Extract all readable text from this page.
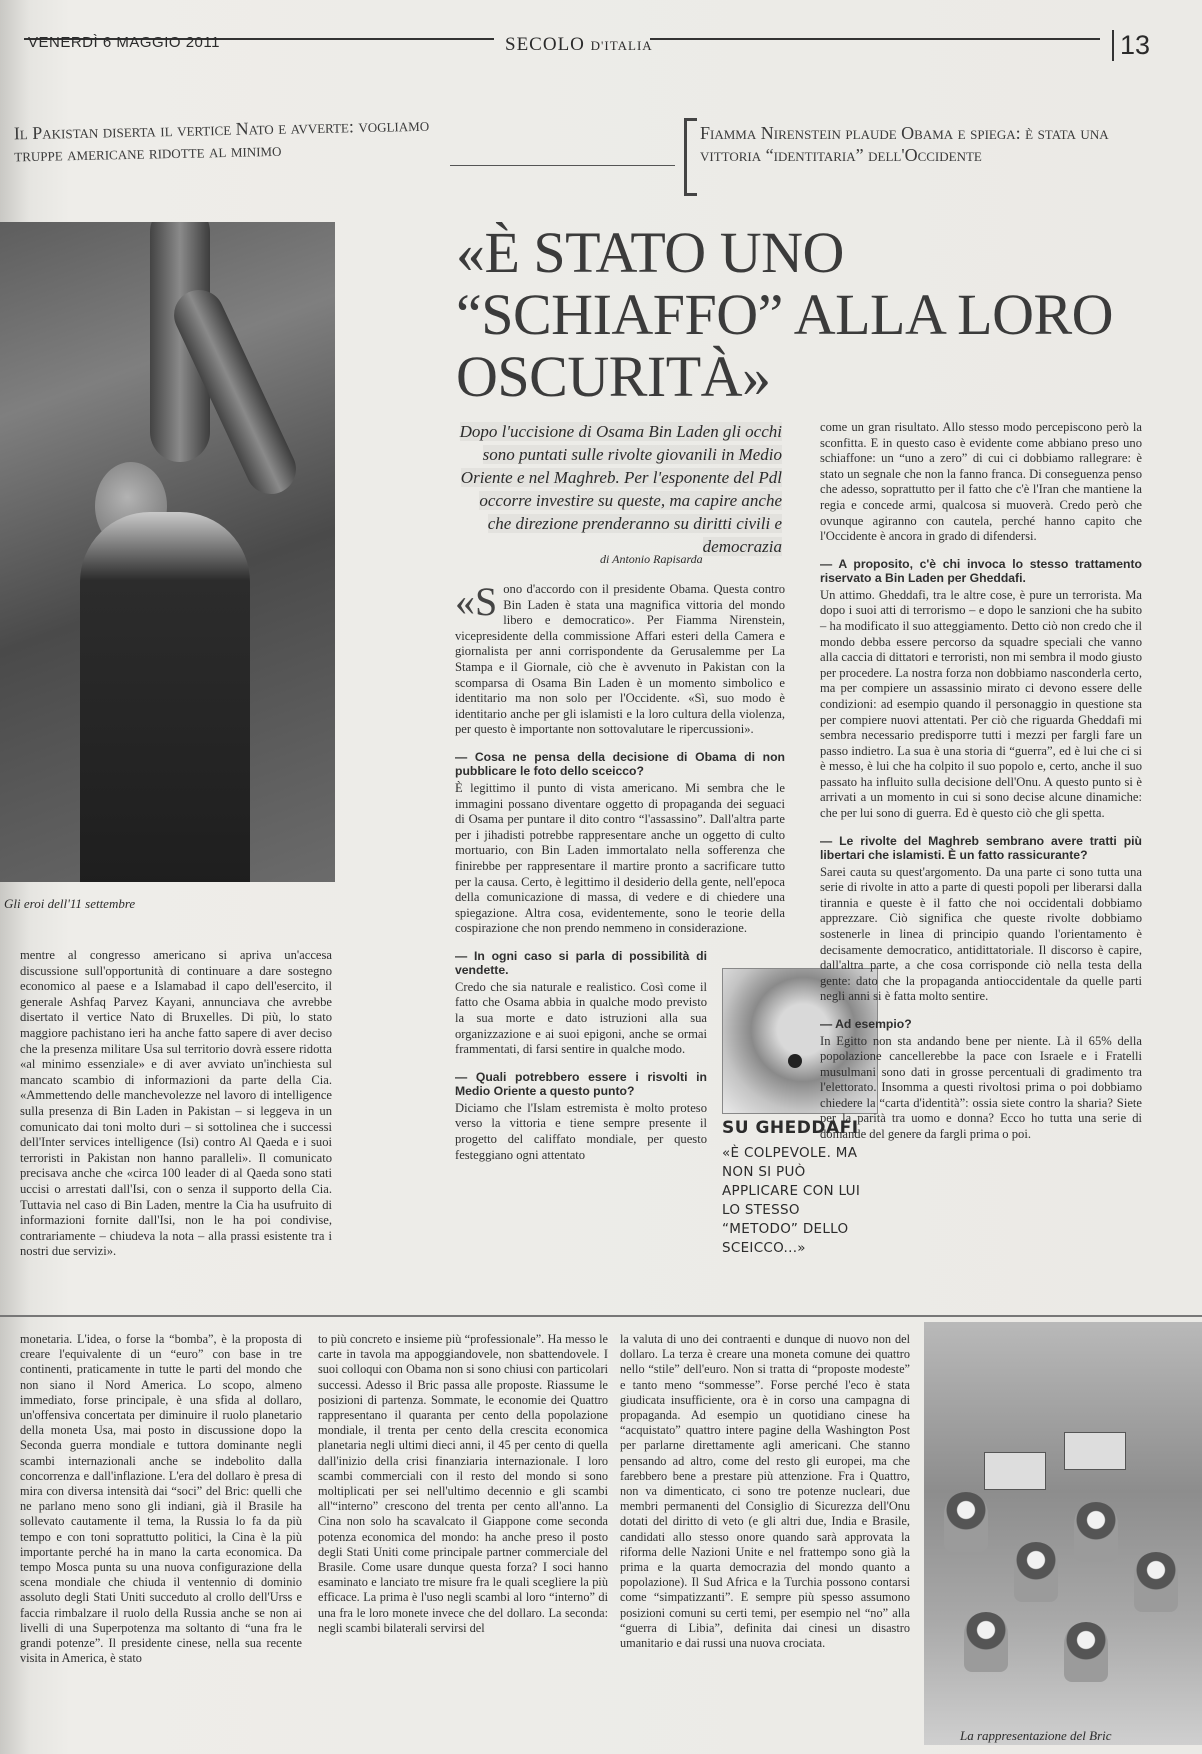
VENERDÌ 6 MAGGIO 2011	SECOLO D'ITALIA	13
Il Pakistan diserta il vertice Nato e avverte: vogliamo truppe americane ridotte al minimo
Fiamma Nirenstein plaude Obama e spiega: è stata una vittoria “identitaria” dell'Occidente
«È STATO UNO “SCHIAFFO” ALLA LORO OSCURITÀ»
Gli eroi dell'11 settembre

mentre al congresso americano si apriva un'accesa discussione sull'opportunità di continuare a dare sostegno economico al paese e a Islamabad il capo dell'esercito, il generale Ashfaq Parvez Kayani, annunciava che avrebbe disertato il vertice Nato di Bruxelles. Di più, lo stato maggiore pachistano ieri ha anche fatto sapere di aver deciso che la presenza militare Usa sul territorio dovrà essere ridotta «al minimo essenziale» e di aver avviato un'inchiesta sul mancato scambio di informazioni da parte della Cia. «Ammettendo delle manchevolezze nel lavoro di intelligence sulla presenza di Bin Laden in Pakistan – si leggeva in un comunicato dai toni molto duri – si sottolinea che i successi dell'Inter services intelligence (Isi) contro Al Qaeda e i suoi terroristi in Pakistan non hanno paralleli». Il comunicato precisava anche che «circa 100 leader di al Qaeda sono stati uccisi o arrestati dall'Isi, con o senza il supporto della Cia. Tuttavia nel caso di Bin Laden, mentre la Cia ha usufruito di informazioni fornite dall'Isi, non le ha poi condivise, contrariamente – chiudeva la nota – alla prassi esistente tra i nostri due servizi».

Dopo l'uccisione di Osama Bin Laden gli occhi sono puntati sulle rivolte giovanili in Medio Oriente e nel Maghreb. Per l'esponente del Pdl occorre investire su queste, ma capire anche che direzione prenderanno su diritti civili e democrazia
di Antonio Rapisarda

«Sono d'accordo con il presidente Obama. Questa contro Bin Laden è stata una magnifica vittoria del mondo libero e democratico». Per Fiamma Nirenstein, vicepresidente della commissione Affari esteri della Camera e giornalista per anni corrispondente da Gerusalemme per La Stampa e il Giornale, ciò che è avvenuto in Pakistan con la scomparsa di Osama Bin Laden è un momento simbolico e identitario ma non solo per l'Occidente. «Sì, suo modo è identitario anche per gli islamisti e la loro cultura della violenza, per questo è importante non sottovalutare le ripercussioni».

— Cosa ne pensa della decisione di Obama di non pubblicare le foto dello sceicco?

È legittimo il punto di vista americano. Mi sembra che le immagini possano diventare oggetto di propaganda dei seguaci di Osama per puntare il dito contro “l'assassino”. Dall'altra parte per i jihadisti potrebbe rappresentare anche un oggetto di culto mortuario, con Bin Laden immortalato nella sofferenza che finirebbe per rappresentare il martire pronto a sacrificare tutto per la causa. Certo, è legittimo il desiderio della gente, nell'epoca della comunicazione di massa, di vedere e di chiedere una spiegazione. Altra cosa, evidentemente, sono le teorie della cospirazione che non prendo nemmeno in considerazione.

— In ogni caso si parla di possibilità di vendette.

Credo che sia naturale e realistico. Così come il fatto che Osama abbia in qualche modo previsto la sua morte e dato istruzioni alla sua organizzazione e ai suoi epigoni, anche se ormai frammentati, di farsi sentire in qualche modo.

— Quali potrebbero essere i risvolti in Medio Oriente a questo punto?

Diciamo che l'Islam estremista è molto proteso verso la vittoria e tiene sempre presente il progetto del califfato mondiale, per questo festeggiano ogni attentato

SU GHEDDAFI
«È COLPEVOLE. MA NON SI PUÒ APPLICARE CON LUI LO STESSO “METODO” DELLO SCEICCO...»

come un gran risultato. Allo stesso modo percepiscono però la sconfitta. E in questo caso è evidente come abbiano preso uno schiaffone: un “uno a zero” di cui ci dobbiamo rallegrare: è stato un segnale che non la fanno franca. Di conseguenza penso che adesso, soprattutto per il fatto che c'è l'Iran che mantiene la regia e concede armi, qualcosa si muoverà. Credo però che ovunque agiranno con cautela, perché hanno capito che l'Occidente è ancora in grado di difendersi.

— A proposito, c'è chi invoca lo stesso trattamento riservato a Bin Laden per Gheddafi.

Un attimo. Gheddafi, tra le altre cose, è pure un terrorista. Ma dopo i suoi atti di terrorismo – e dopo le sanzioni che ha subito – ha modificato il suo atteggiamento. Detto ciò non credo che il mondo debba essere percorso da squadre speciali che vanno alla caccia di dittatori e terroristi, non mi sembra il modo giusto per procedere. La nostra forza non dobbiamo nasconderla certo, ma per compiere un assassinio mirato ci devono essere delle condizioni: ad esempio quando il personaggio in questione sta per compiere nuovi attentati. Per ciò che riguarda Gheddafi mi sembra necessario predisporre tutti i mezzi per fargli fare un passo indietro. La sua è una storia di “guerra”, ed è lui che ci si è messo, è lui che ha colpito il suo popolo e, certo, anche il suo passato ha influito sulla decisione dell'Onu. A questo punto si è arrivati a un momento in cui si sono decise alcune dinamiche: che per lui sono di guerra. Ed è questo ciò che gli spetta.

— Le rivolte del Maghreb sembrano avere tratti più libertari che islamisti. È un fatto rassicurante?

Sarei cauta su quest'argomento. Da una parte ci sono tutta una serie di rivolte in atto a parte di questi popoli per liberarsi dalla tirannia e queste è il fatto che noi occidentali dobbiamo apprezzare. Ciò significa che queste rivolte dobbiamo sostenerle in linea di principio quando l'orientamento è decisamente democratico, antidittatoriale. Il discorso è capire, dall'altra parte, a che cosa corrisponde ciò nella testa della gente: dato che la propaganda antioccidentale da quelle parti negli anni si è fatta molto sentire.

— Ad esempio?

In Egitto non sta andando bene per niente. Là il 65% della popolazione cancellerebbe la pace con Israele e i Fratelli musulmani sono dati in grosse percentuali di gradimento tra l'elettorato. Insomma a questi rivoltosi prima o poi dobbiamo chiedere la “carta d'identità”: ossia siete contro la sharia? Siete per la parità tra uomo e donna? Ecco ho tutta una serie di domande del genere da fargli prima o poi.

monetaria. L'idea, o forse la “bomba”, è la proposta di creare l'equivalente di un “euro” con base in tre continenti, praticamente in tutte le parti del mondo che non siano il Nord America. Lo scopo, almeno immediato, forse principale, è una sfida al dollaro, un'offensiva concertata per diminuire il ruolo planetario della moneta Usa, mai posto in discussione dopo la Seconda guerra mondiale e tuttora dominante negli scambi internazionali anche se indebolito dalla concorrenza e dall'inflazione. L'era del dollaro è presa di mira con diversa intensità dai “soci” del Bric: quelli che ne parlano meno sono gli indiani, già il Brasile ha sollevato cautamente il tema, la Russia lo fa da più tempo e con toni soprattutto politici, la Cina è la più importante perché ha in mano la carta economica. Da tempo Mosca punta su una nuova configurazione della scena mondiale che chiuda il ventennio di dominio assoluto degli Stati Uniti succeduto al crollo dell'Urss e faccia rimbalzare il ruolo della Russia anche se non ai livelli di una Superpotenza ma soltanto di “una fra le grandi potenze”. Il presidente cinese, nella sua recente visita in America, è stato

to più concreto e insieme più “professionale”. Ha messo le carte in tavola ma appoggiandovele, non sbattendovele. I suoi colloqui con Obama non si sono chiusi con particolari successi. Adesso il Bric passa alle proposte. Riassume le posizioni di partenza. Sommate, le economie dei Quattro rappresentano il quaranta per cento della popolazione mondiale, il trenta per cento della crescita economica planetaria negli ultimi dieci anni, il 45 per cento di quella dall'inizio della crisi finanziaria internazionale. I loro scambi commerciali con il resto del mondo si sono moltiplicati per sei nell'ultimo decennio e gli scambi all'“interno” crescono del trenta per cento all'anno. La Cina non solo ha scavalcato il Giappone come seconda potenza economica del mondo: ha anche preso il posto degli Stati Uniti come principale partner commerciale del Brasile. Come usare dunque questa forza? I soci hanno esaminato e lanciato tre misure fra le quali scegliere la più efficace. La prima è l'uso negli scambi al loro “interno” di una fra le loro monete invece che del dollaro. La seconda: negli scambi bilaterali servirsi del

la valuta di uno dei contraenti e dunque di nuovo non del dollaro. La terza è creare una moneta comune dei quattro nello “stile” dell'euro. Non si tratta di “proposte modeste” e tanto meno “sommesse”. Forse perché l'eco è stata giudicata insufficiente, ora è in corso una campagna di propaganda. Ad esempio un quotidiano cinese ha “acquistato” quattro intere pagine della Washington Post per parlarne direttamente agli americani. Che stanno pensando ad altro, come del resto gli europei, ma che farebbero bene a prestare più attenzione. Fra i Quattro, non va dimenticato, ci sono tre potenze nucleari, due membri permanenti del Consiglio di Sicurezza dell'Onu dotati del diritto di veto (e gli altri due, India e Brasile, candidati allo stesso onore quando sarà approvata la riforma delle Nazioni Unite e nel frattempo sono già la prima e la quarta democrazia del mondo quanto a popolazione). Il Sud Africa e la Turchia possono contarsi come “simpatizzanti”. E sempre più spesso assumono posizioni comuni su certi temi, per esempio nel “no” alla “guerra di Libia”, definita dai cinesi un disastro umanitario e dai russi una nuova crociata.

La rappresentazione del Bric
